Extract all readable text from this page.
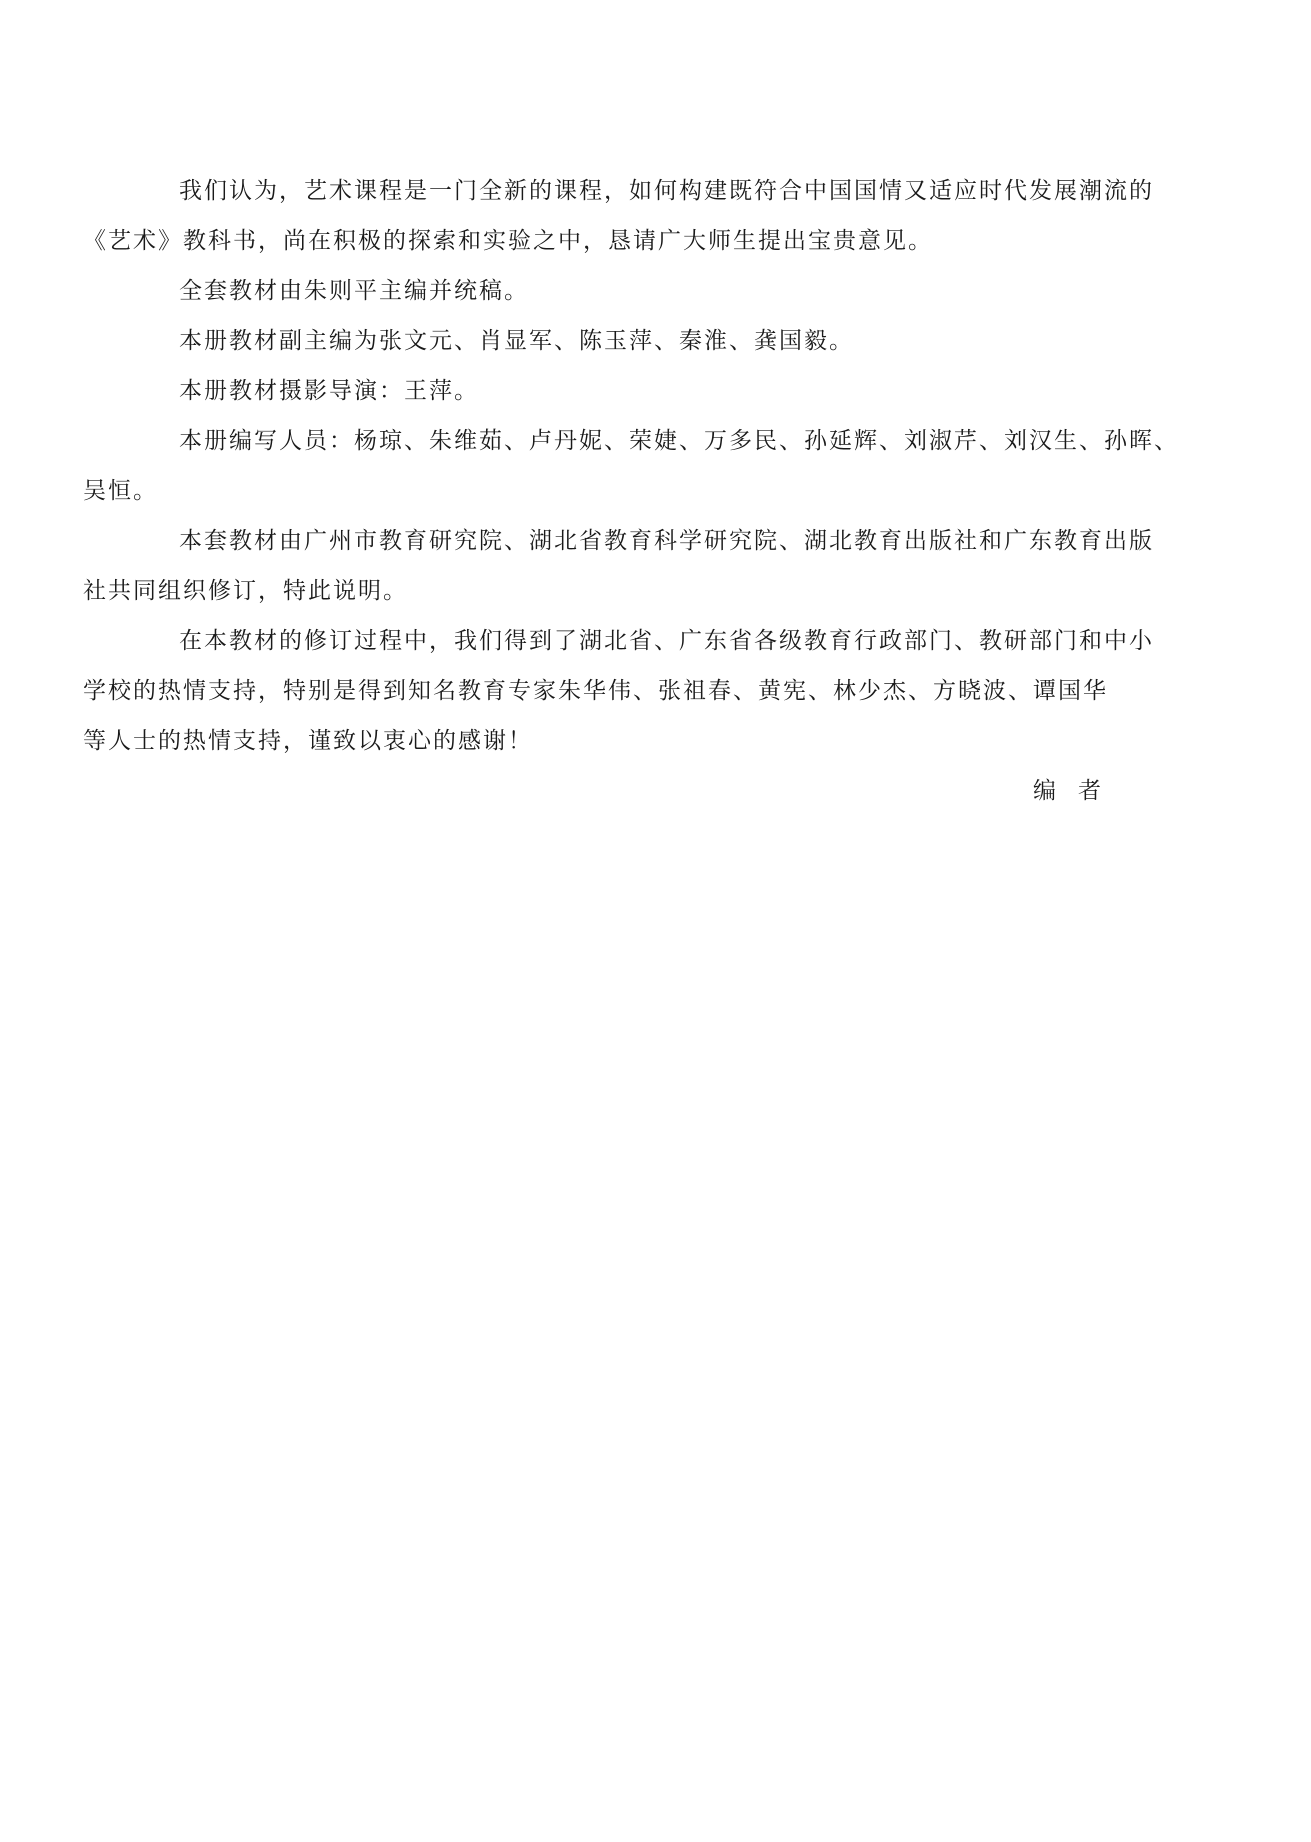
我们认为，艺术课程是一门全新的课程，如何构建既符合中国国情又适应时代发展潮流的
《艺术》教科书，尚在积极的探索和实验之中，恳请广大师生提出宝贵意见。

全套教材由朱则平主编并统稿。

本册教材副主编为张文元、肖显军、陈玉萍、秦淮、龚国毅。

本册教材摄影导演：王萍。

本册编写人员：杨琼、朱维茹、卢丹妮、荣婕、万多民、孙延辉、刘淑芹、刘汉生、孙晖、
吴恒。

本套教材由广州市教育研究院、湖北省教育科学研究院、湖北教育出版社和广东教育出版
社共同组织修订，特此说明。

在本教材的修订过程中，我们得到了湖北省、广东省各级教育行政部门、教研部门和中小
学校的热情支持，特别是得到知名教育专家朱华伟、张祖春、黄宪、林少杰、方晓波、谭国华
等人士的热情支持，谨致以衷心的感谢！

编者
